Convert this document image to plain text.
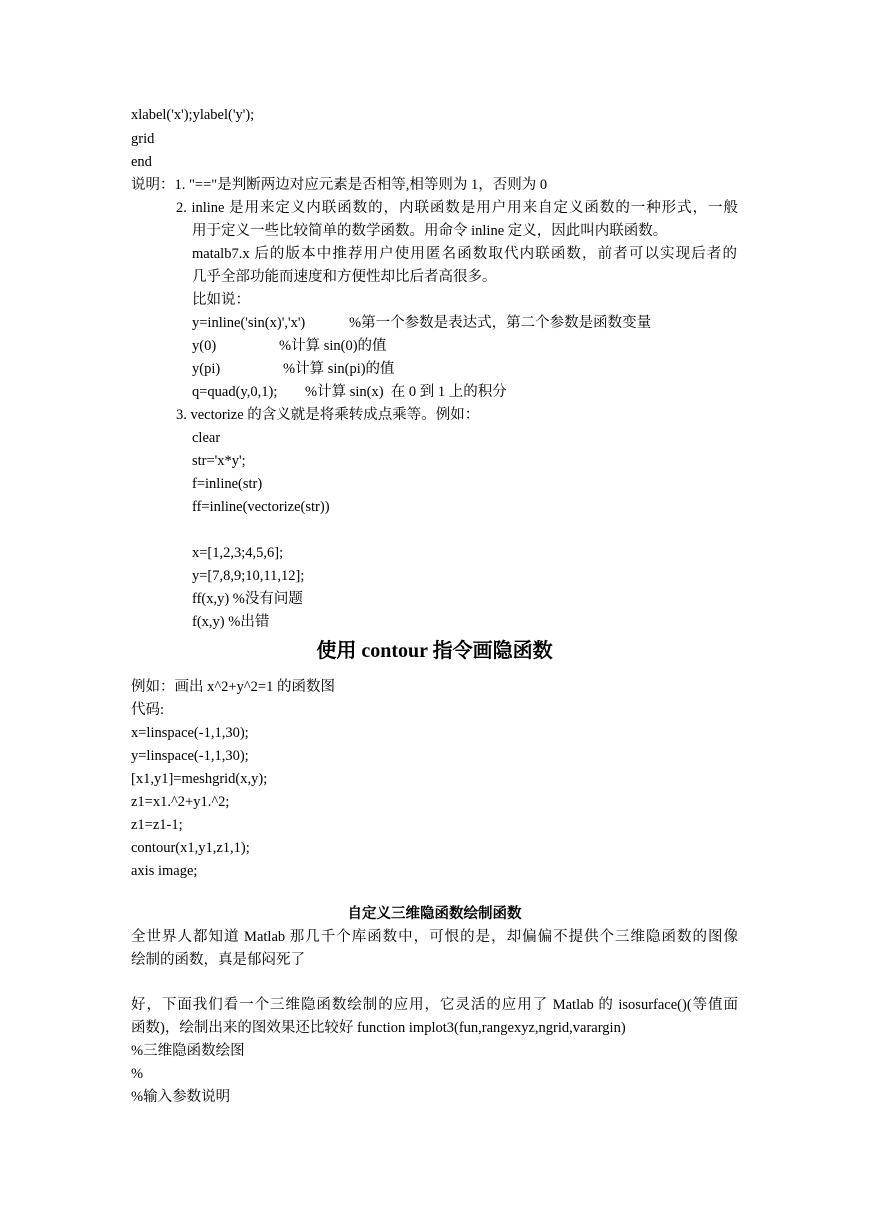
xlabel('x');ylabel('y');
grid
end
说明：1. "=="是判断两边对应元素是否相等,相等则为 1，否则为 0
2. inline 是用来定义内联函数的，内联函数是用户用来自定义函数的一种形式，一般
用于定义一些比较简单的数学函数。用命令 inline 定义，因此叫内联函数。
matalb7.x 后的版本中推荐用户使用匿名函数取代内联函数，前者可以实现后者的
几乎全部功能而速度和方便性却比后者高很多。
比如说：
y=inline('sin(x)','x')	%第一个参数是表达式，第二个参数是函数变量
y(0)	%计算 sin(0)的值
y(pi)	%计算 sin(pi)的值
q=quad(y,0,1); %计算 sin(x)  在 0 到 1 上的积分
3. vectorize 的含义就是将乘转成点乘等。例如：
clear
str='x*y';
f=inline(str)
ff=inline(vectorize(str))
x=[1,2,3;4,5,6];
y=[7,8,9;10,11,12];
ff(x,y) %没有问题
f(x,y) %出错
使用 contour 指令画隐函数
例如：画出 x^2+y^2=1 的函数图
代码:
x=linspace(-1,1,30);
y=linspace(-1,1,30);
[x1,y1]=meshgrid(x,y);
z1=x1.^2+y1.^2;
z1=z1-1;
contour(x1,y1,z1,1);
axis image;
自定义三维隐函数绘制函数
全世界人都知道 Matlab 那几千个库函数中，可恨的是，却偏偏不提供个三维隐函数的图像
绘制的函数，真是郁闷死了
好，下面我们看一个三维隐函数绘制的应用，它灵活的应用了 Matlab 的 isosurface()(等值面
函数)，绘制出来的图效果还比较好 function implot3(fun,rangexyz,ngrid,varargin)
%三维隐函数绘图
%
%输入参数说明
